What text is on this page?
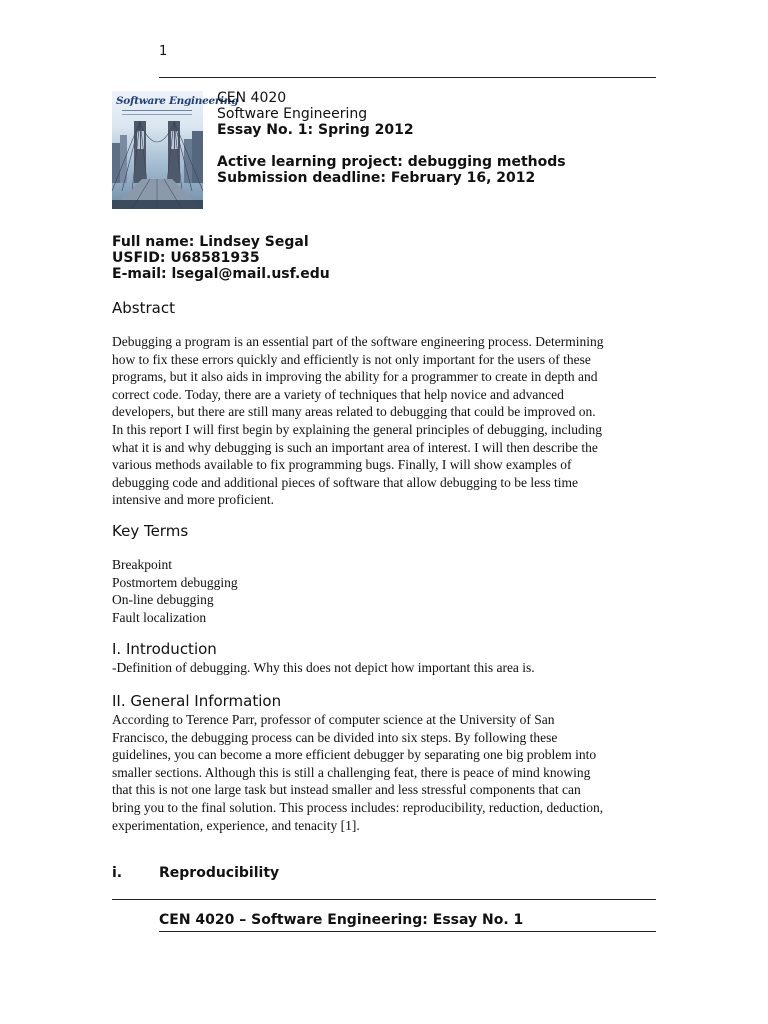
1
Software Engineering
CEN 4020
Software Engineering
Essay No. 1: Spring 2012
Active learning project: debugging methods
Submission deadline: February 16, 2012
Full name: Lindsey Segal
USFID: U68581935
E-mail: lsegal@mail.usf.edu
Abstract
Debugging a program is an essential part of the software engineering process. Determining
how to fix these errors quickly and efficiently is not only important for the users of these
programs, but it also aids in improving the ability for a programmer to create in depth and
correct code. Today, there are a variety of techniques that help novice and advanced
developers, but there are still many areas related to debugging that could be improved on.
In this report I will first begin by explaining the general principles of debugging, including
what it is and why debugging is such an important area of interest. I will then describe the
various methods available to fix programming bugs. Finally, I will show examples of
debugging code and additional pieces of software that allow debugging to be less time
intensive and more proficient.
Key Terms
Breakpoint
Postmortem debugging
On-line debugging
Fault localization
I. Introduction
-Definition of debugging. Why this does not depict how important this area is.
II. General Information
According to Terence Parr, professor of computer science at the University of San
Francisco, the debugging process can be divided into six steps. By following these
guidelines, you can become a more efficient debugger by separating one big problem into
smaller sections. Although this is still a challenging feat, there is peace of mind knowing
that this is not one large task but instead smaller and less stressful components that can
bring you to the final solution. This process includes: reproducibility, reduction, deduction,
experimentation, experience, and tenacity [1].
i.	Reproducibility
CEN 4020 – Software Engineering: Essay No. 1
